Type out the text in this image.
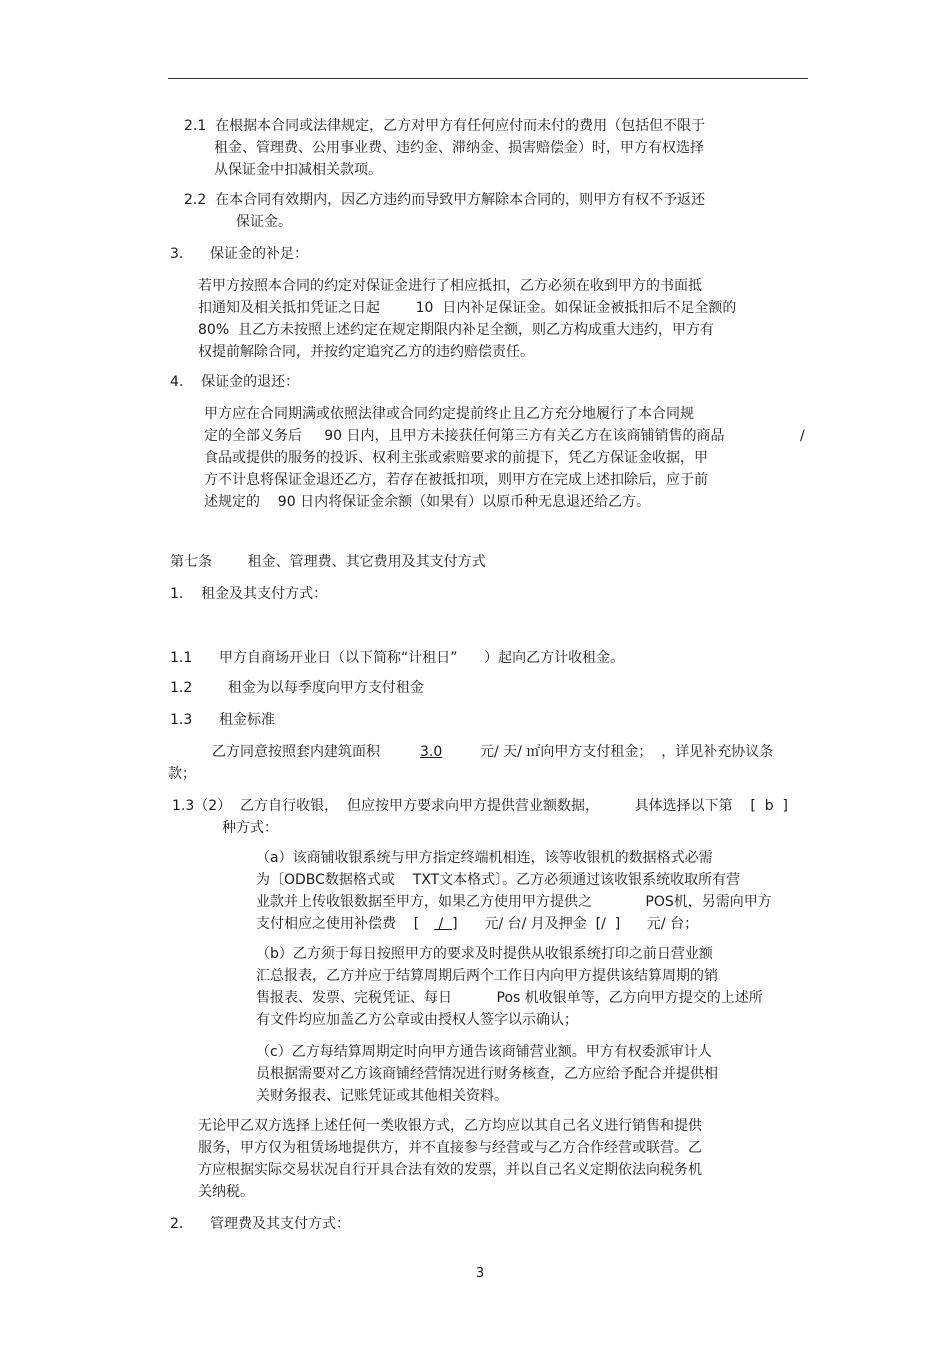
2.1  在根据本合同或法律规定，乙方对甲方有任何应付而未付的费用（包括但不限于
租金、管理费、公用事业费、违约金、滞纳金、损害赔偿金）时，甲方有权选择
从保证金中扣减相关款项。
2.2  在本合同有效期内，因乙方违约而导致甲方解除本合同的，则甲方有权不予返还
保证金。
3.      保证金的补足：
若甲方按照本合同的约定对保证金进行了相应抵扣，乙方必须在收到甲方的书面抵
扣通知及相关抵扣凭证之日起        10  日内补足保证金。如保证金被抵扣后不足全额的
80%  且乙方未按照上述约定在规定期限内补足全额，则乙方构成重大违约，甲方有
权提前解除合同，并按约定追究乙方的违约赔偿责任。
4.    保证金的退还：
甲方应在合同期满或依照法律或合同约定提前终止且乙方充分地履行了本合同规
定的全部义务后     90 日内，且甲方未接获任何第三方有关乙方在该商铺销售的商品	/
食品或提供的服务的投诉、权利主张或索赔要求的前提下，凭乙方保证金收据，甲
方不计息将保证金退还乙方，若存在被抵扣项，则甲方在完成上述扣除后，应于前
述规定的    90 日内将保证金余额（如果有）以原币种无息退还给乙方。
第七条        租金、管理费、其它费用及其支付方式
1.    租金及其支付方式：
1.1      甲方自商场开业日（以下简称“计租日”      ）起向乙方计收租金。
1.2        租金为以每季度向甲方支付租金
1.3      租金标准
乙方同意按照套内建筑面积	3.0	元/ 天/ ㎡向甲方支付租金；  ，详见补充协议条
款；
1.3（2）  乙方自行收银，  但应按甲方要求向甲方提供营业额数据，        具体选择以下第    [  b  ]
种方式：
（a）该商铺收银系统与甲方指定终端机相连，该等收银机的数据格式必需
为〔ODBC数据格式或    TXT文本格式〕。乙方必须通过该收银系统收取所有营
业款并上传收银数据至甲方，如果乙方使用甲方提供之            POS机，另需向甲方
支付相应之使用补偿费    [ /  ]	元/ 台/ 月及押金  [/  ]      元/ 台；
（b）乙方须于每日按照甲方的要求及时提供从收银系统打印之前日营业额
汇总报表，乙方并应于结算周期后两个工作日内向甲方提供该结算周期的销
售报表、发票、完税凭证、每日          Pos 机收银单等，乙方向甲方提交的上述所
有文件均应加盖乙方公章或由授权人签字以示确认；
（c）乙方每结算周期定时向甲方通告该商铺营业额。甲方有权委派审计人
员根据需要对乙方该商铺经营情况进行财务核查，乙方应给予配合并提供相
关财务报表、记账凭证或其他相关资料。
无论甲乙双方选择上述任何一类收银方式，乙方均应以其自己名义进行销售和提供
服务，甲方仅为租赁场地提供方，并不直接参与经营或与乙方合作经营或联营。乙
方应根据实际交易状况自行开具合法有效的发票，并以自己名义定期依法向税务机
关纳税。
2.      管理费及其支付方式：
3
